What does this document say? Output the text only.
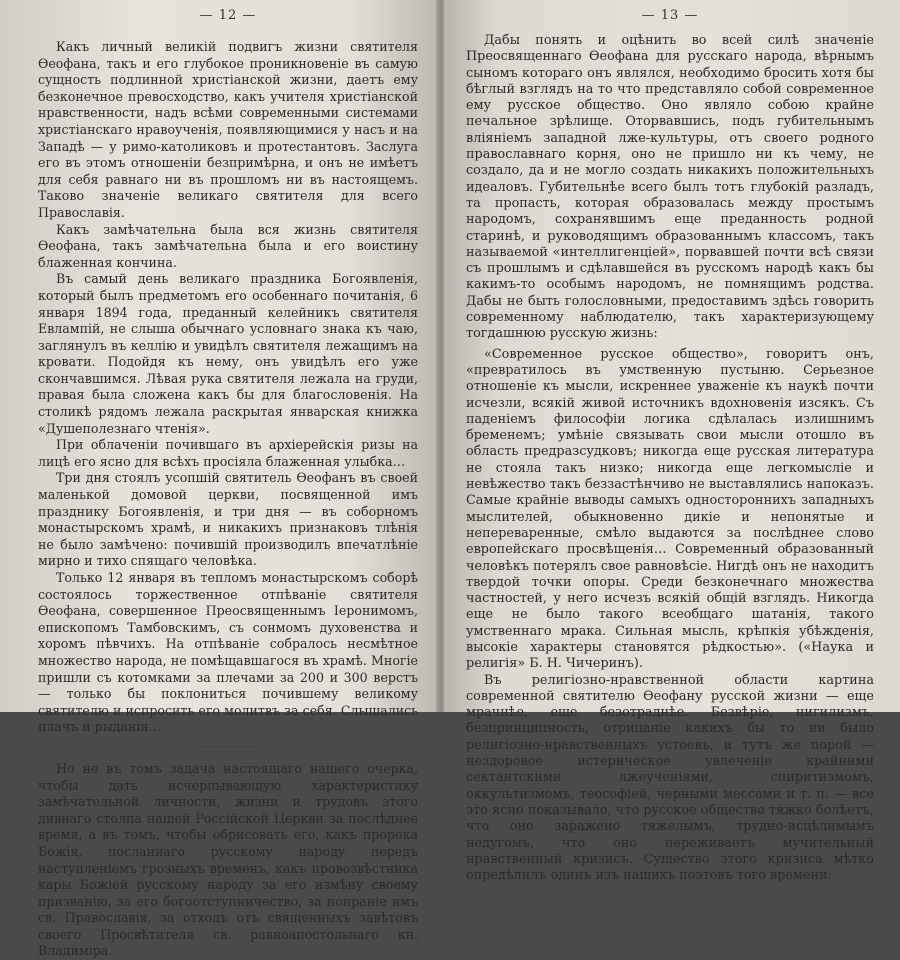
— 12 —

Какъ личный великій подвигъ жизни святителя Ѳеофана, такъ и его глубокое проникновеніе въ самую сущность подлинной христіанской жизни, даетъ ему безконечное превосходство, какъ учителя христіанской нравственности, надъ всѣми современными системами христіанскаго нравоученія, появляющимися у насъ и на Западѣ — у римо-католиковъ и протестантовъ. Заслуга его въ этомъ отношеніи безпримѣрна, и онъ не имѣетъ для себя равнаго ни въ прошломъ ни въ настоящемъ. Таково значеніе великаго святителя для всего Православія.

Какъ замѣчательна была вся жизнь святителя Ѳеофана, такъ замѣчательна была и его воистину блаженная кончина.

Въ самый день великаго праздника Богоявленія, который былъ предметомъ его особеннаго почитанія, 6 января 1894 года, преданный келейникъ святителя Евлампій, не слыша обычнаго условнаго знака къ чаю, заглянулъ въ келлію и увидѣлъ святителя лежащимъ на кровати. Подойдя къ нему, онъ увидѣлъ его уже скончавшимся. Лѣвая рука святителя лежала на груди, правая была сложена какъ бы для благословенія. На столикѣ рядомъ лежала раскрытая январская книжка «Душеполезнаго чтенія».

При облаченіи почившаго въ архіерейскія ризы на лицѣ его ясно для всѣхъ просіяла блаженная улыбка…

Три дня стоялъ усопшій святитель Ѳеофанъ въ своей маленькой домовой церкви, посвященной имъ празднику Богоявленія, и три дня — въ соборномъ монастырскомъ храмѣ, и никакихъ признаковъ тлѣнія не было замѣчено: почившій производилъ впечатлѣніе мирно и тихо спящаго человѣка.

Только 12 января въ тепломъ монастырскомъ соборѣ состоялось торжественное отпѣваніе святителя Ѳеофана, совершенное Преосвященнымъ Іеронимомъ, епископомъ Тамбовскимъ, съ сонмомъ духовенства и хоромъ пѣвчихъ. На отпѣваніе собралось несмѣтное множество народа, не помѣщавшагося въ храмѣ. Многіе пришли съ котомками за плечами за 200 и 300 верстъ — только бы поклониться почившему великому святителю и испросить его молитвъ за себя. Слышались плачъ и рыданія…

Но не въ томъ задача настоящаго нашего очерка, чтобы дать исчерпывающую характеристику замѣчательной личности, жизни и трудовъ этого дивнаго столпа нашей Россійской Церкви за послѣднее время, а въ томъ, чтобы обрисовать его, какъ пророка Божія, посланнаго русскому народу передъ наступленіемъ грозныхъ временъ, какъ провозвѣстника кары Божіей русскому народу за его измѣну своему призванію, за его богоотступничество, за попраніе имъ св. Православія, за отходъ отъ священныхъ завѣтовъ своего Просвѣтителя св. равноапостольнаго кн. Владиміра.

— 13 —

Дабы понять и оцѣнить во всей силѣ значеніе Преосвященнаго Ѳеофана для русскаго народа, вѣрнымъ сыномъ котораго онъ являлся, необходимо бросить хотя бы бѣглый взглядъ на то что представляло собой современное ему русское общество. Оно являло собою крайне печальное зрѣлище. Оторвавшись, подъ губительнымъ вліяніемъ западной лже-культуры, отъ своего родного православнаго корня, оно не пришло ни къ чему, не создало, да и не могло создать никакихъ положительныхъ идеаловъ. Губительнѣе всего былъ тотъ глубокій разладъ, та пропасть, которая образовалась между простымъ народомъ, сохранявшимъ еще преданность родной старинѣ, и руководящимъ образованнымъ классомъ, такъ называемой «интеллигенціей», порвавшей почти всѣ связи съ прошлымъ и сдѣлавшейся въ русскомъ народѣ какъ бы какимъ-то особымъ народомъ, не помнящимъ родства. Дабы не быть голословными, предоставимъ здѣсь говорить современному наблюдателю, такъ характеризующему тогдашнюю русскую жизнь:

«Современное русское общество», говоритъ онъ, «превратилось въ умственную пустыню. Серьезное отношеніе къ мысли, искреннее уваженіе къ наукѣ почти исчезли, всякій живой источникъ вдохновенія изсякъ. Съ паденіемъ философіи логика сдѣлалась излишнимъ бременемъ; умѣніе связывать свои мысли отошло въ область предразсудковъ; никогда еще русская литература не стояла такъ низко; никогда еще легкомысліе и невѣжество такъ беззастѣнчиво не выставлялись напоказъ. Самые крайніе выводы самыхъ одностороннихъ западныхъ мыслителей, обыкновенно дикіе и непонятые и непереваренные, смѣло выдаются за послѣднее слово европейскаго просвѣщенія… Современный образованный человѣкъ потерялъ свое равновѣсіе. Нигдѣ онъ не находитъ твердой точки опоры. Среди безконечнаго множества частностей, у него исчезъ всякій общій взглядъ. Никогда еще не было такого всеобщаго шатанія, такого умственнаго мрака. Сильная мысль, крѣпкія убѣжденія, высокіе характеры становятся рѣдкостью». («Наука и религія» Б. Н. Чичеринъ).

Въ религіозно-нравственной области картина современной святителю Ѳеофану русской жизни — еще мрачнѣе, еще безотраднѣе. Безвѣріе, нигилизмъ, безпринципность, отрицаніе какихъ бы то ни было религіозно-нравственныхъ устоевъ, и тутъ же порой — нездоровое истерическое увлеченіе крайними сектантскими лжеученіями, спиритизмомъ, оккультизмомъ, теософіей, черными мессами и т. п. — все это ясно показывало, что русское общество тяжко болѣетъ, что оно заражено тяжелымъ, трудно-исцѣлимымъ недугомъ, что оно переживаетъ мучительный нравственный кризисъ. Существо этого кризиса мѣтко опредѣлилъ одинъ изъ нашихъ поэтовъ того времени:
